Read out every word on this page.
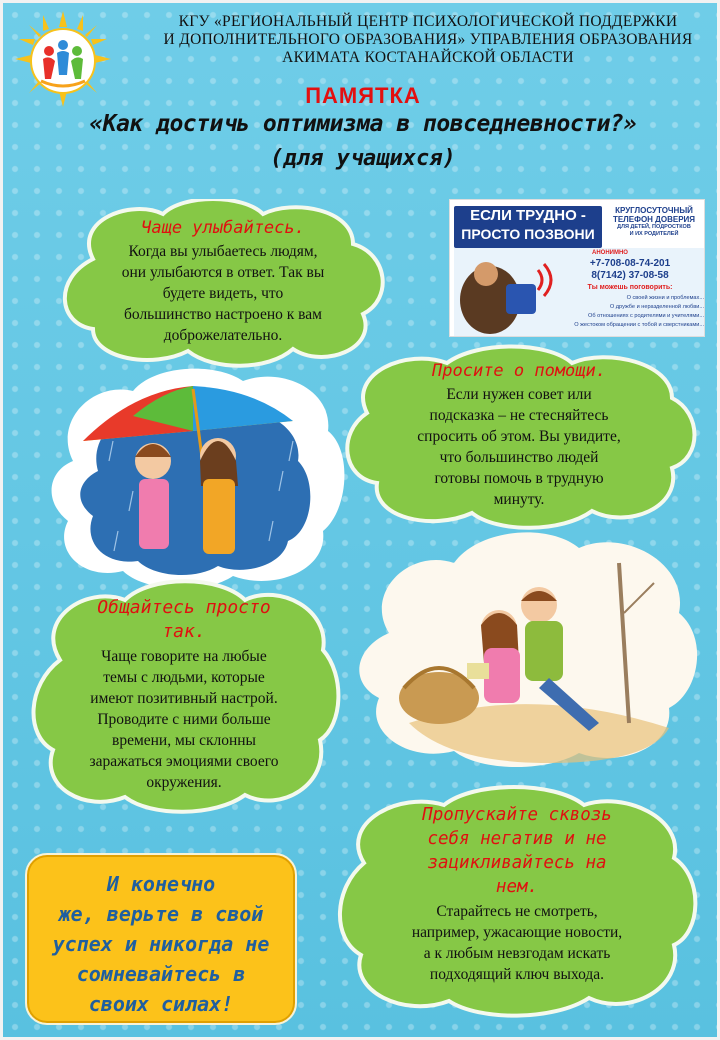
КГУ «РЕГИОНАЛЬНЫЙ ЦЕНТР ПСИХОЛОГИЧЕСКОЙ ПОДДЕРЖКИ
И ДОПОЛНИТЕЛЬНОГО ОБРАЗОВАНИЯ» УПРАВЛЕНИЯ ОБРАЗОВАНИЯ
АКИМАТА КОСТАНАЙСКОЙ ОБЛАСТИ
ПАМЯТКА
«Как достичь оптимизма в повседневности?»
(для учащихся)
Чаще улыбайтесь.
Когда вы улыбаетесь людям,
они улыбаются в ответ. Так вы
будете видеть, что
большинство настроено к вам
доброжелательно.
ЕСЛИ ТРУДНО -
ПРОСТО ПОЗВОНИ
КРУГЛОСУТОЧНЫЙ
ТЕЛЕФОН ДОВЕРИЯ
ДЛЯ ДЕТЕЙ, ПОДРОСТКОВ
И ИХ РОДИТЕЛЕЙ
АНОНИМНО
+7-708-08-74-201
8(7142) 37-08-58
Ты можешь поговорить:
О своей жизни и проблемах...
О дружбе и неразделенной любви...
Об отношениях с родителями и учителями...
О жестоком обращении с тобой и сверстниками...
Просите о помощи.
Если нужен совет или
подсказка – не стесняйтесь
спросить об этом. Вы увидите,
что большинство людей
готовы помочь в трудную
минуту.
Общайтесь просто
так.
Чаще говорите на любые
темы с людьми, которые
имеют позитивный настрой.
Проводите с ними больше
времени, мы склонны
заражаться эмоциями своего
окружения.
Пропускайте сквозь
себя негатив и не
зацикливайтесь на
нем.
Старайтесь не смотреть,
например, ужасающие новости,
а к любым невзгодам искать
подходящий ключ выхода.
И конечно
же, верьте в свой
успех и никогда не
сомневайтесь в
своих силах!
